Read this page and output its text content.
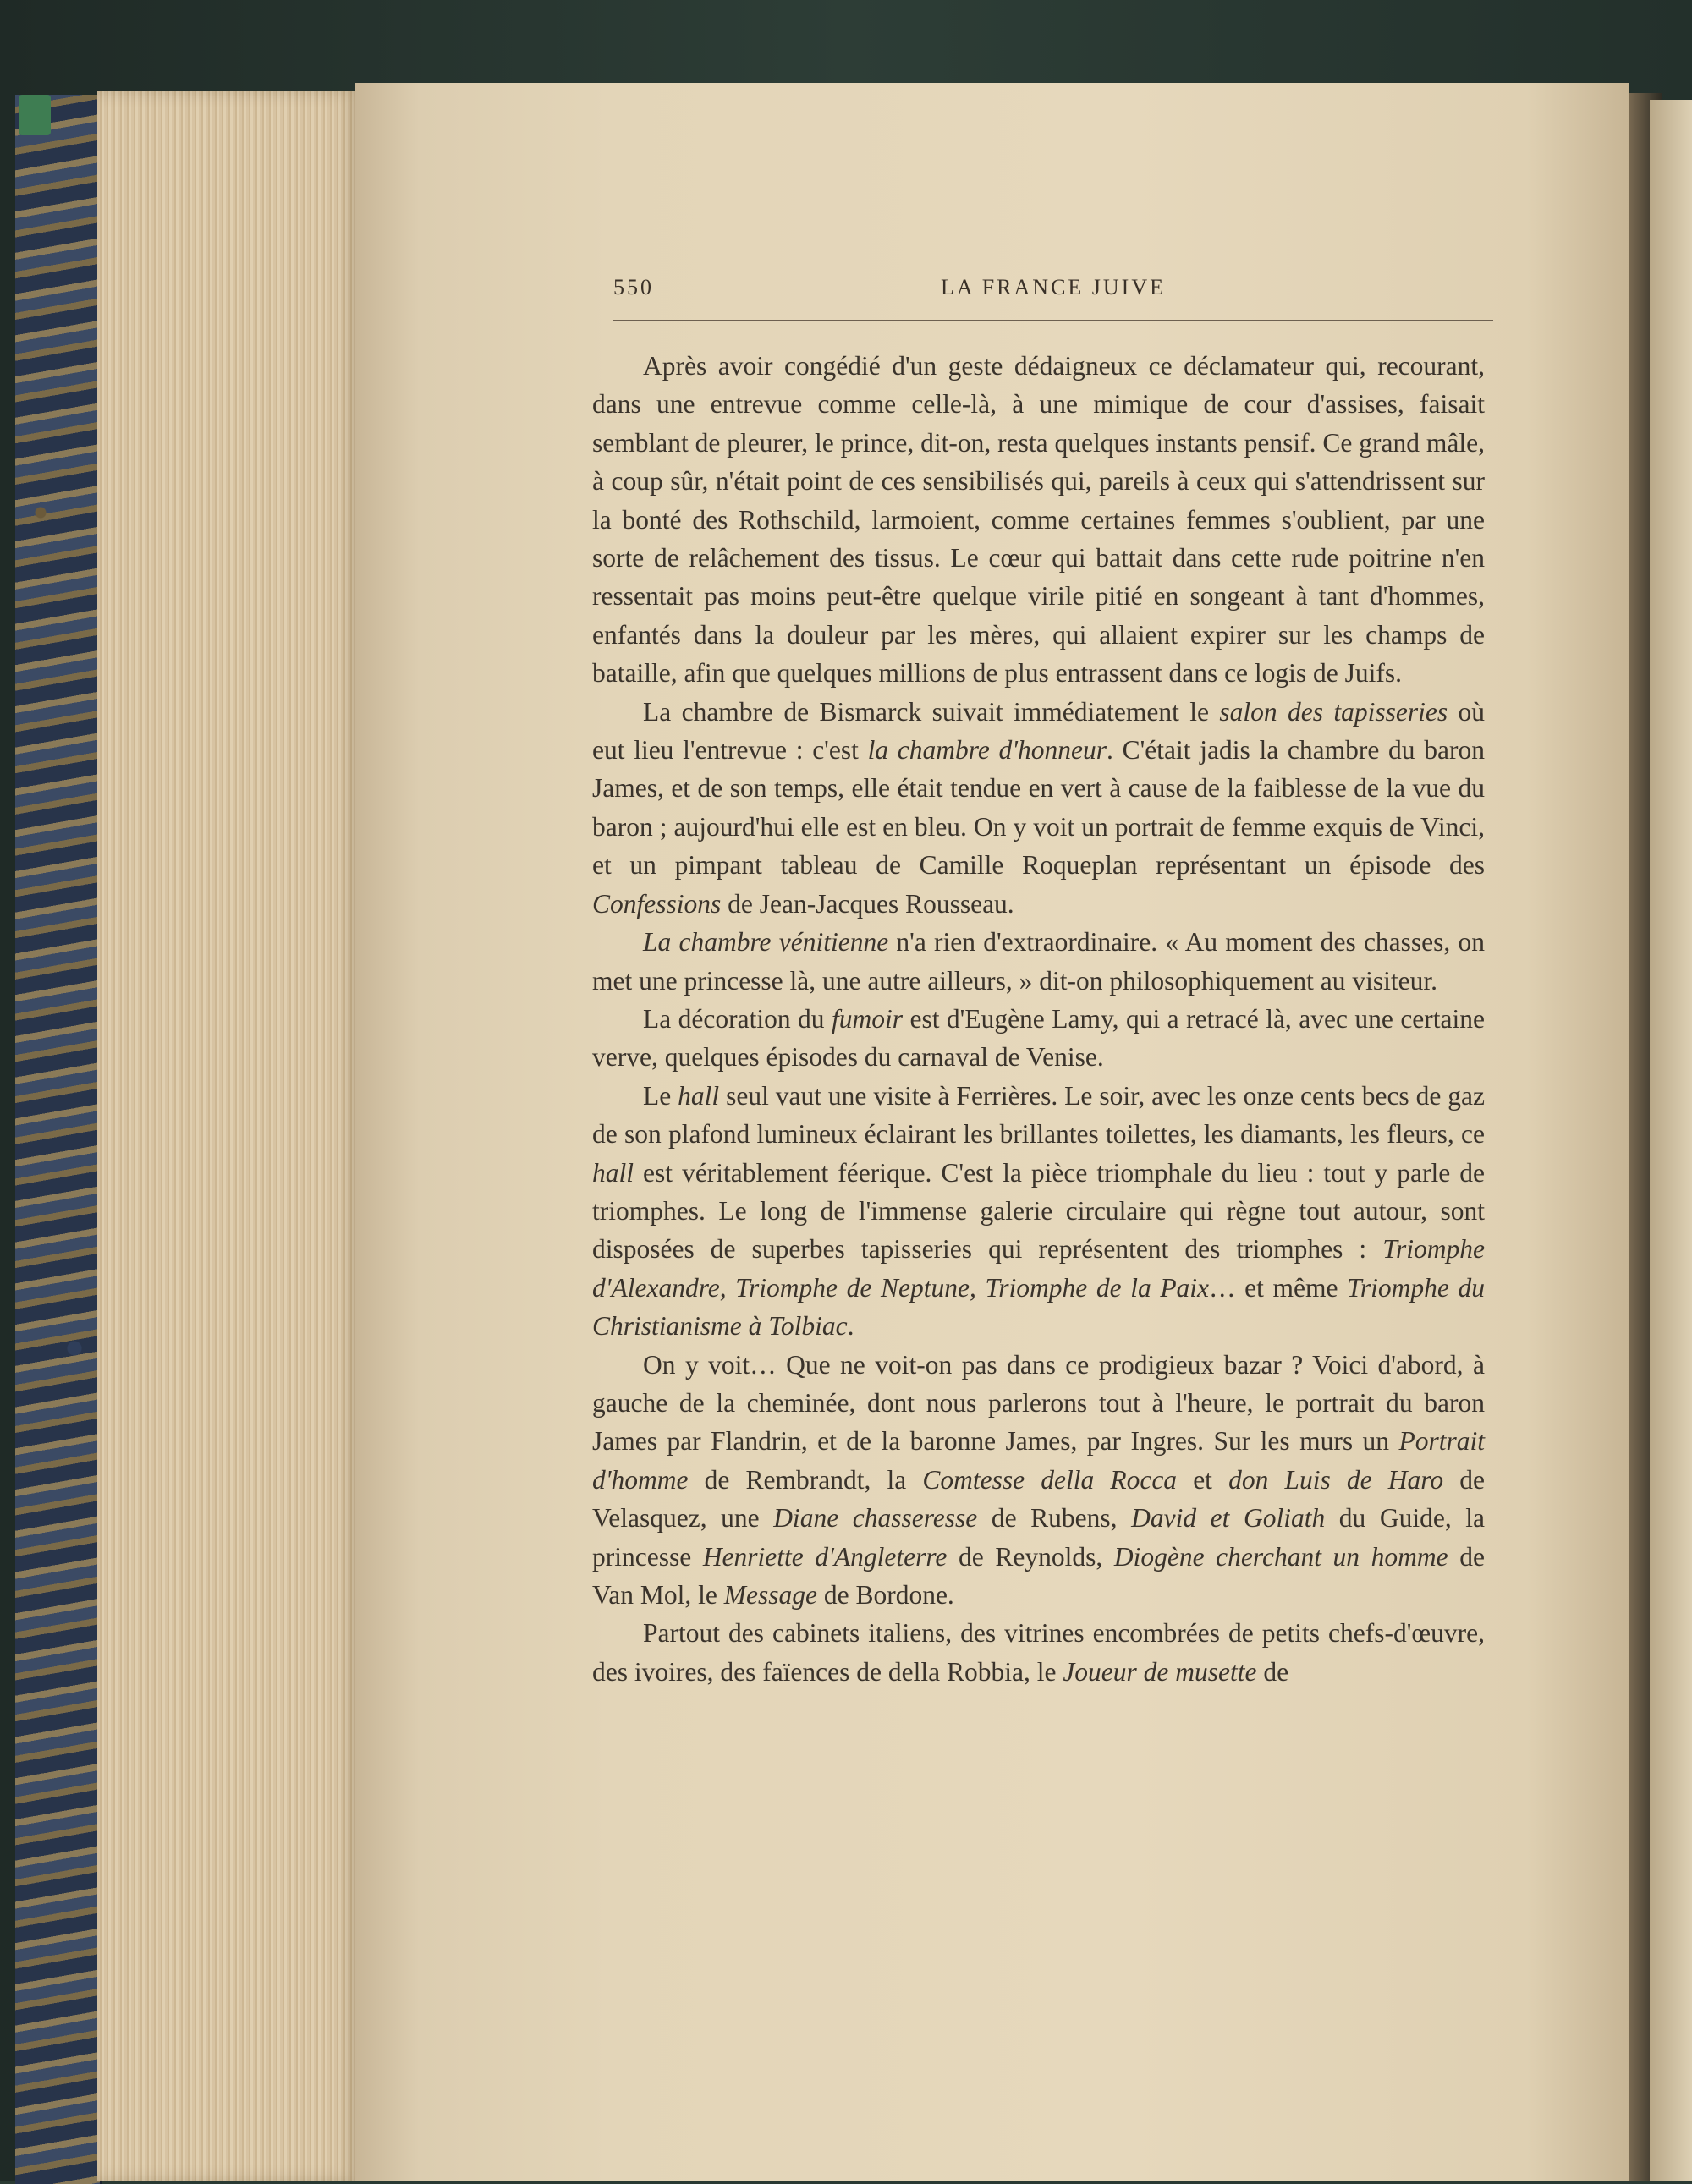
550	LA FRANCE JUIVE

Après avoir congédié d'un geste dédaigneux ce déclamateur qui, recourant, dans une entrevue comme celle-là, à une mimique de cour d'assises, faisait semblant de pleurer, le prince, dit-on, resta quelques instants pensif. Ce grand mâle, à coup sûr, n'était point de ces sensibilisés qui, pareils à ceux qui s'attendrissent sur la bonté des Rothschild, larmoient, comme certaines femmes s'oublient, par une sorte de relâchement des tissus. Le cœur qui battait dans cette rude poitrine n'en ressentait pas moins peut-être quelque virile pitié en songeant à tant d'hommes, enfantés dans la douleur par les mères, qui allaient expirer sur les champs de bataille, afin que quelques millions de plus entrassent dans ce logis de Juifs.

La chambre de Bismarck suivait immédiatement le salon des tapisseries où eut lieu l'entrevue : c'est la chambre d'honneur. C'était jadis la chambre du baron James, et de son temps, elle était tendue en vert à cause de la faiblesse de la vue du baron ; aujourd'hui elle est en bleu. On y voit un portrait de femme exquis de Vinci, et un pimpant tableau de Camille Roqueplan représentant un épisode des Confessions de Jean-Jacques Rousseau.

La chambre vénitienne n'a rien d'extraordinaire. « Au moment des chasses, on met une princesse là, une autre ailleurs, » dit-on philosophiquement au visiteur.

La décoration du fumoir est d'Eugène Lamy, qui a retracé là, avec une certaine verve, quelques épisodes du carnaval de Venise.

Le hall seul vaut une visite à Ferrières. Le soir, avec les onze cents becs de gaz de son plafond lumineux éclairant les brillantes toilettes, les diamants, les fleurs, ce hall est véritablement féerique. C'est la pièce triomphale du lieu : tout y parle de triomphes. Le long de l'immense galerie circulaire qui règne tout autour, sont disposées de superbes tapisseries qui représentent des triomphes : Triomphe d'Alexandre, Triomphe de Neptune, Triomphe de la Paix… et même Triomphe du Christianisme à Tolbiac.

On y voit… Que ne voit-on pas dans ce prodigieux bazar ? Voici d'abord, à gauche de la cheminée, dont nous parlerons tout à l'heure, le portrait du baron James par Flandrin, et de la baronne James, par Ingres. Sur les murs un Portrait d'homme de Rembrandt, la Comtesse della Rocca et don Luis de Haro de Velasquez, une Diane chasseresse de Rubens, David et Goliath du Guide, la princesse Henriette d'Angleterre de Reynolds, Diogène cherchant un homme de Van Mol, le Message de Bordone.

Partout des cabinets italiens, des vitrines encombrées de petits chefs-d'œuvre, des ivoires, des faïences de della Robbia, le Joueur de musette de
